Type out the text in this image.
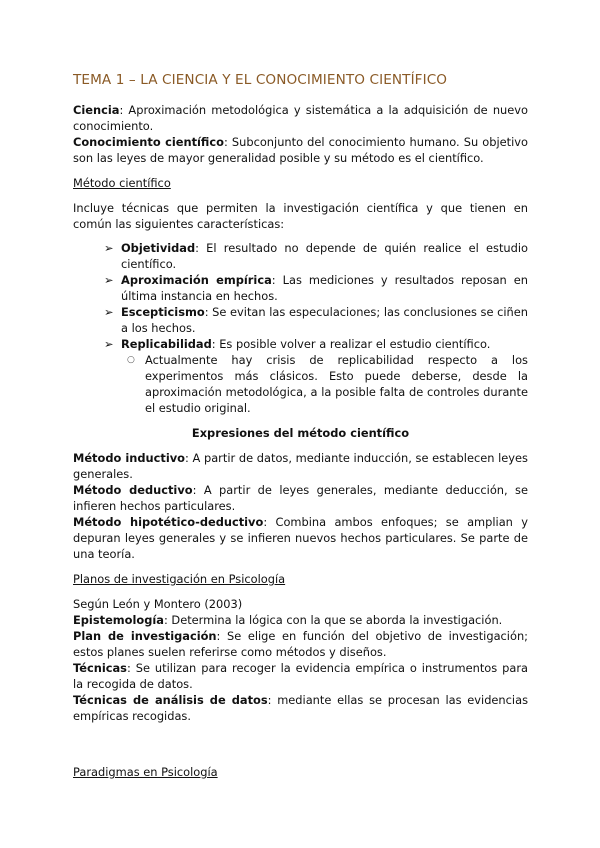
TEMA 1 – LA CIENCIA Y EL CONOCIMIENTO CIENTÍFICO

Ciencia: Aproximación metodológica y sistemática a la adquisición de nuevo conocimiento.

Conocimiento científico: Subconjunto del conocimiento humano. Su objetivo son las leyes de mayor generalidad posible y su método es el científico.

Método científico

Incluye técnicas que permiten la investigación científica y que tienen en común las siguientes características:

➢ Objetividad: El resultado no depende de quién realice el estudio científico.
➢ Aproximación empírica: Las mediciones y resultados reposan en última instancia en hechos.
➢ Escepticismo: Se evitan las especulaciones; las conclusiones se ciñen a los hechos.
➢ Replicabilidad: Es posible volver a realizar el estudio científico.
○ Actualmente hay crisis de replicabilidad respecto a los experimentos más clásicos. Esto puede deberse, desde la aproximación metodológica, a la posible falta de controles durante el estudio original.

Expresiones del método científico

Método inductivo: A partir de datos, mediante inducción, se establecen leyes generales.

Método deductivo: A partir de leyes generales, mediante deducción, se infieren hechos particulares.

Método hipotético-deductivo: Combina ambos enfoques; se amplian y depuran leyes generales y se infieren nuevos hechos particulares. Se parte de una teoría.

Planos de investigación en Psicología

Según León y Montero (2003)

Epistemología: Determina la lógica con la que se aborda la investigación.

Plan de investigación: Se elige en función del objetivo de investigación; estos planes suelen referirse como métodos y diseños.

Técnicas: Se utilizan para recoger la evidencia empírica o instrumentos para la recogida de datos.

Técnicas de análisis de datos: mediante ellas se procesan las evidencias empíricas recogidas.

Paradigmas en Psicología
